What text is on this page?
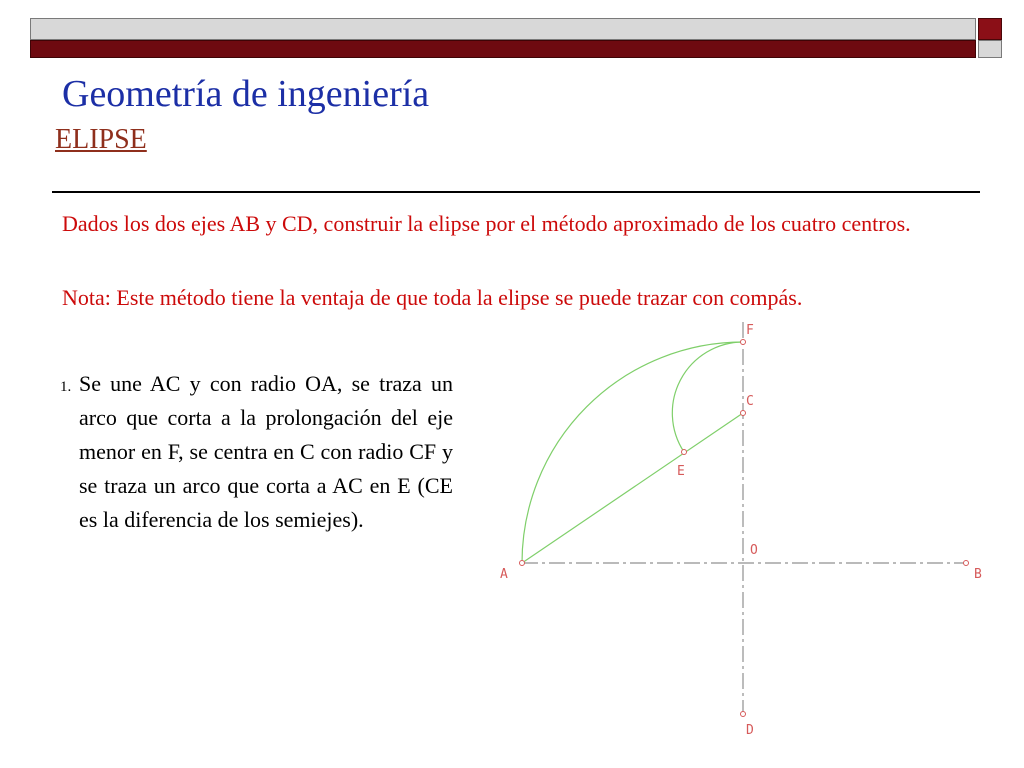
Geometría de ingeniería
ELIPSE

Dados los dos ejes AB y CD, construir la elipse por el método aproximado de los cuatro centros.

Nota: Este método tiene la ventaja de que toda la elipse se puede trazar con compás.

1. Se une AC y con radio OA, se traza un arco que corta a la prolongación del eje menor en F, se centra en C con radio CF y se traza un arco que corta a AC en E (CE es la diferencia de los semiejes).

A	B
C
D
E
F
O
